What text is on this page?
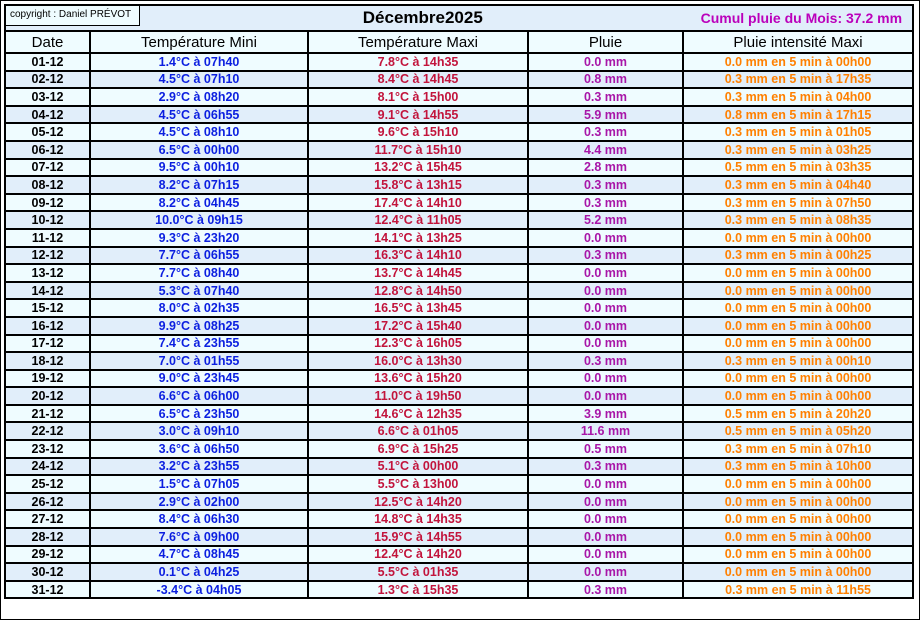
copyright : Daniel PRÉVOT Décembre2025 Cumul pluie du Mois: 37.2 mm				

Date	Température Mini	Température Maxi	Pluie	Pluie intensité Maxi
01-12	1.4°C à 07h40	7.8°C à 14h35	0.0 mm	0.0 mm en 5 min à 00h00
02-12	4.5°C à 07h10	8.4°C à 14h45	0.8 mm	0.3 mm en 5 min à 17h35
03-12	2.9°C à 08h20	8.1°C à 15h00	0.3 mm	0.3 mm en 5 min à 04h00
04-12	4.5°C à 06h55	9.1°C à 14h55	5.9 mm	0.8 mm en 5 min à 17h15
05-12	4.5°C à 08h10	9.6°C à 15h10	0.3 mm	0.3 mm en 5 min à 01h05
06-12	6.5°C à 00h00	11.7°C à 15h10	4.4 mm	0.3 mm en 5 min à 03h25
07-12	9.5°C à 00h10	13.2°C à 15h45	2.8 mm	0.5 mm en 5 min à 03h35
08-12	8.2°C à 07h15	15.8°C à 13h15	0.3 mm	0.3 mm en 5 min à 04h40
09-12	8.2°C à 04h45	17.4°C à 14h10	0.3 mm	0.3 mm en 5 min à 07h50
10-12	10.0°C à 09h15	12.4°C à 11h05	5.2 mm	0.3 mm en 5 min à 08h35
11-12	9.3°C à 23h20	14.1°C à 13h25	0.0 mm	0.0 mm en 5 min à 00h00
12-12	7.7°C à 06h55	16.3°C à 14h10	0.3 mm	0.3 mm en 5 min à 00h25
13-12	7.7°C à 08h40	13.7°C à 14h45	0.0 mm	0.0 mm en 5 min à 00h00
14-12	5.3°C à 07h40	12.8°C à 14h50	0.0 mm	0.0 mm en 5 min à 00h00
15-12	8.0°C à 02h35	16.5°C à 13h45	0.0 mm	0.0 mm en 5 min à 00h00
16-12	9.9°C à 08h25	17.2°C à 15h40	0.0 mm	0.0 mm en 5 min à 00h00
17-12	7.4°C à 23h55	12.3°C à 16h05	0.0 mm	0.0 mm en 5 min à 00h00
18-12	7.0°C à 01h55	16.0°C à 13h30	0.3 mm	0.3 mm en 5 min à 00h10
19-12	9.0°C à 23h45	13.6°C à 15h20	0.0 mm	0.0 mm en 5 min à 00h00
20-12	6.6°C à 06h00	11.0°C à 19h50	0.0 mm	0.0 mm en 5 min à 00h00
21-12	6.5°C à 23h50	14.6°C à 12h35	3.9 mm	0.5 mm en 5 min à 20h20
22-12	3.0°C à 09h10	6.6°C à 01h05	11.6 mm	0.5 mm en 5 min à 05h20
23-12	3.6°C à 06h50	6.9°C à 15h25	0.5 mm	0.3 mm en 5 min à 07h10
24-12	3.2°C à 23h55	5.1°C à 00h00	0.3 mm	0.3 mm en 5 min à 10h00
25-12	1.5°C à 07h05	5.5°C à 13h00	0.0 mm	0.0 mm en 5 min à 00h00
26-12	2.9°C à 02h00	12.5°C à 14h20	0.0 mm	0.0 mm en 5 min à 00h00
27-12	8.4°C à 06h30	14.8°C à 14h35	0.0 mm	0.0 mm en 5 min à 00h00
28-12	7.6°C à 09h00	15.9°C à 14h55	0.0 mm	0.0 mm en 5 min à 00h00
29-12	4.7°C à 08h45	12.4°C à 14h20	0.0 mm	0.0 mm en 5 min à 00h00
30-12	0.1°C à 04h25	5.5°C à 01h35	0.0 mm	0.0 mm en 5 min à 00h00
31-12	-3.4°C à 04h05	1.3°C à 15h35	0.3 mm	0.3 mm en 5 min à 11h55
